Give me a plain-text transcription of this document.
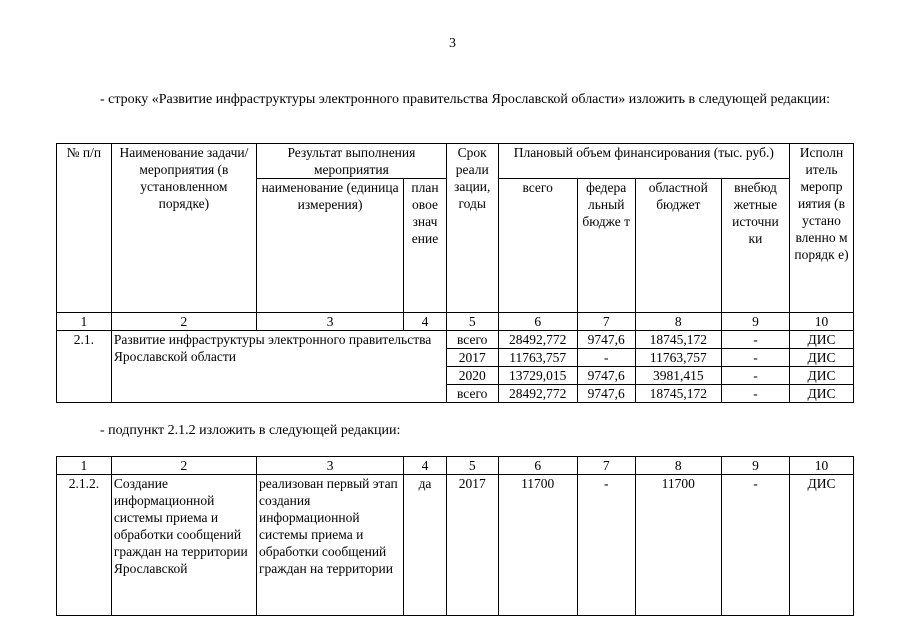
3
- строку «Развитие инфраструктуры электронного правительства Ярославской области» изложить в следующей редакции:
№ п/п	Наименование задачи/ мероприятия (в установленном порядке)	Результат выполнения мероприятия		Срок реали зации, годы	Плановый объем финансирования (тыс. руб.)				Исполн итель меропр иятия (в устано вленно м порядк е)
		наименование (единица измерения)	план овое знач ение		всего	федера льный бюдже т	областной бюджет	внебюд жетные источни ки	
1	2	3	4	5	6	7	8	9	10
2.1.	Развитие инфраструктуры электронного правительства Ярославской области			всего	28492,772	9747,6	18745,172	-	ДИС
				2017	11763,757	-	11763,757	-	ДИС
				2020	13729,015	9747,6	3981,415	-	ДИС
				всего	28492,772	9747,6	18745,172	-	ДИС
- подпункт 2.1.2 изложить в следующей редакции:
1	2	3	4	5	6	7	8	9	10
2.1.2.	Создание информационной системы приема и обработки сообщений граждан на территории Ярославской	реализован первый этап создания информационной системы приема и обработки сообщений граждан на территории	да	2017	11700	-	11700	-	ДИС
